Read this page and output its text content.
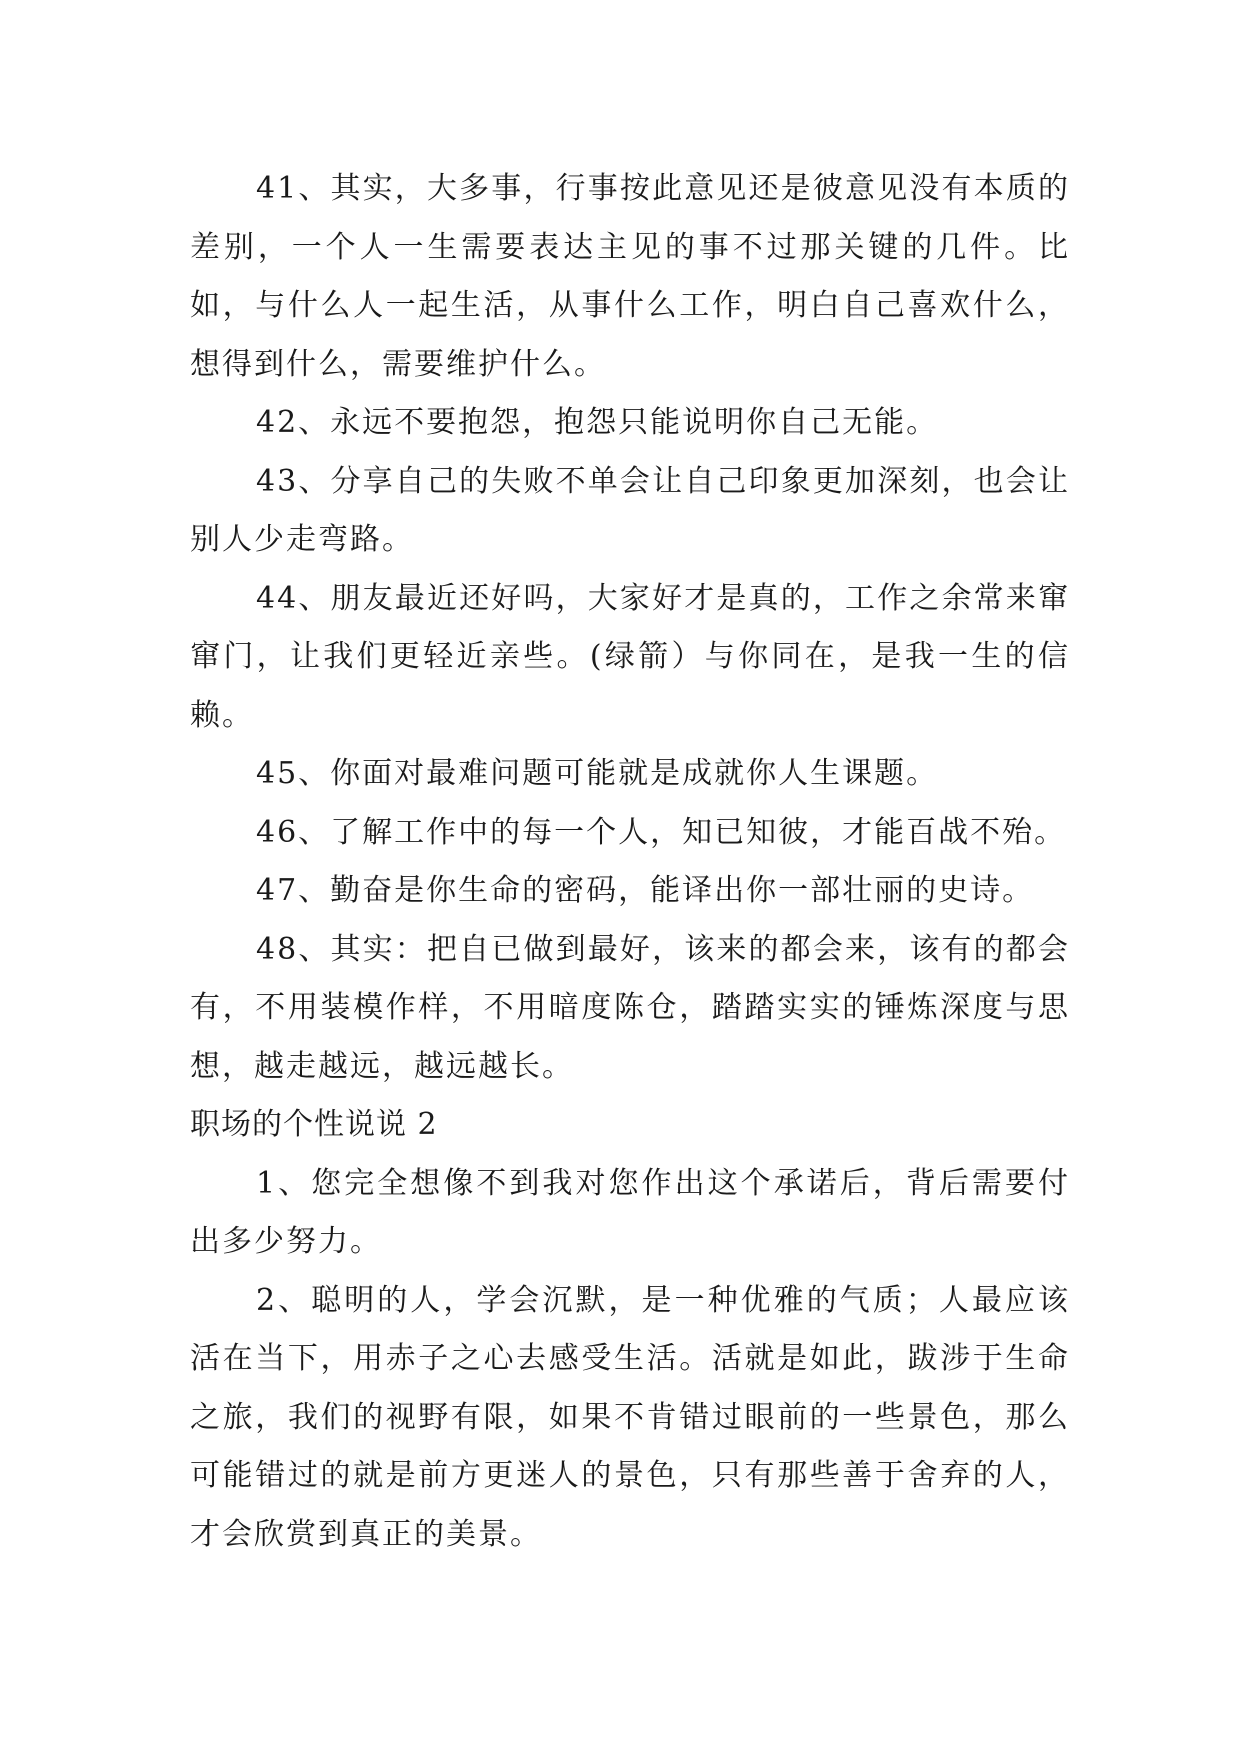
41、其实，大多事，行事按此意见还是彼意见没有本质的差别，一个人一生需要表达主见的事不过那关键的几件。比如，与什么人一起生活，从事什么工作，明白自己喜欢什么，想得到什么，需要维护什么。

42、永远不要抱怨，抱怨只能说明你自己无能。

43、分享自己的失败不单会让自己印象更加深刻，也会让别人少走弯路。

44、朋友最近还好吗，大家好才是真的，工作之余常来窜窜门，让我们更轻近亲些。(绿箭）与你同在，是我一生的信赖。

45、你面对最难问题可能就是成就你人生课题。

46、了解工作中的每一个人，知已知彼，才能百战不殆。

47、勤奋是你生命的密码，能译出你一部壮丽的史诗。

48、其实：把自已做到最好，该来的都会来，该有的都会有，不用装模作样，不用暗度陈仓，踏踏实实的锤炼深度与思想，越走越远，越远越长。

职场的个性说说 2

1、您完全想像不到我对您作出这个承诺后，背后需要付出多少努力。

2、聪明的人，学会沉默，是一种优雅的气质；人最应该活在当下，用赤子之心去感受生活。活就是如此，跋涉于生命之旅，我们的视野有限，如果不肯错过眼前的一些景色，那么可能错过的就是前方更迷人的景色，只有那些善于舍弃的人，才会欣赏到真正的美景。
